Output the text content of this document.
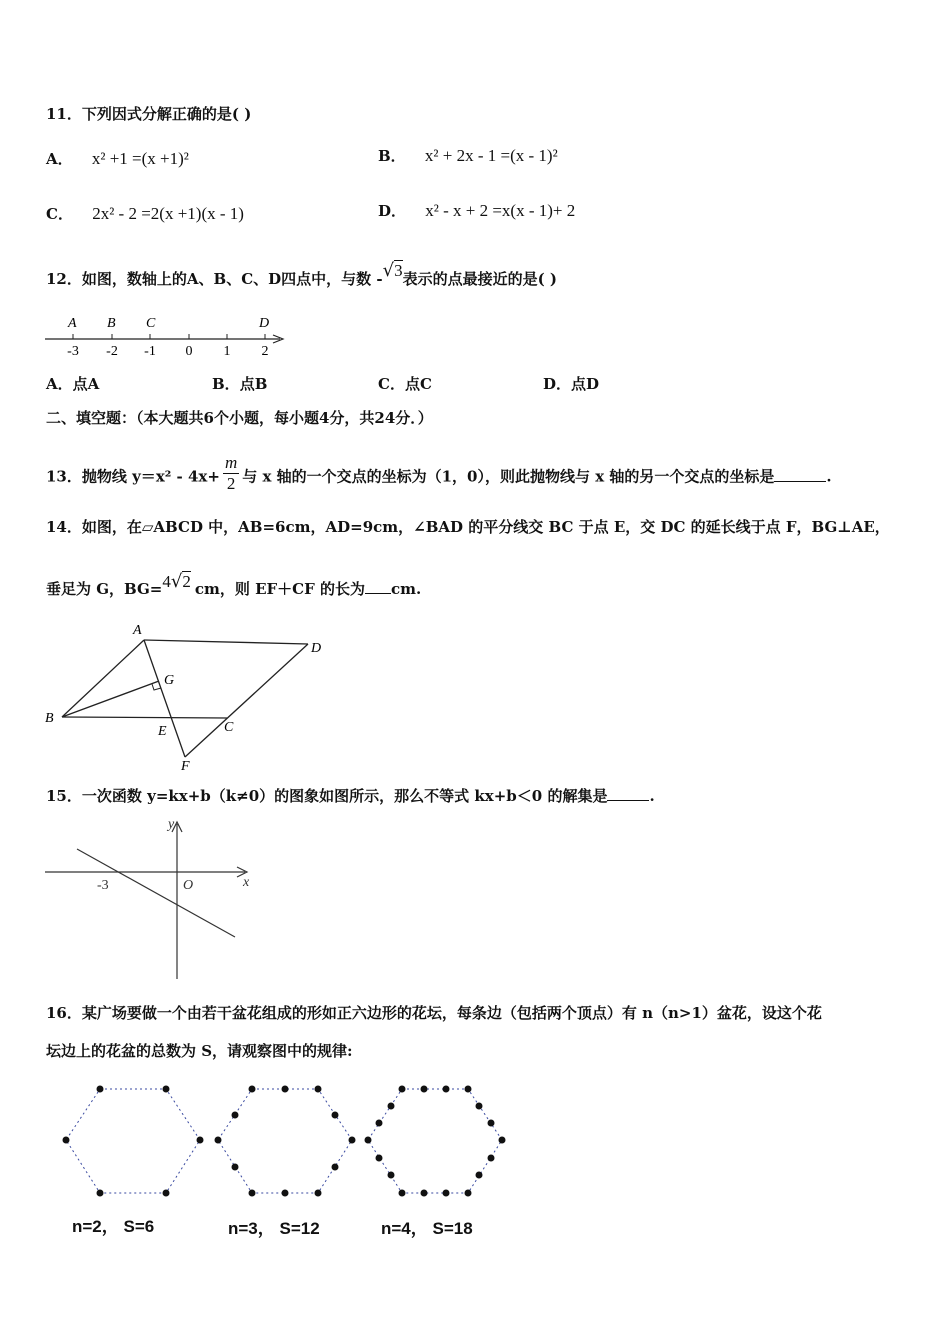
11．下列因式分解正确的是( )
A． x² +1 =(x +1)²	B． x² + 2x - 1 =(x - 1)²
C． 2x² - 2 =2(x +1)(x - 1)	D． x² - x + 2 =x(x - 1)+ 2
12．如图，数轴上的A、B、C、D四点中，与数 -√3表示的点最接近的是( )
A B C	D
-3 -2 -1 0 1 2
A．点A	B．点B	C．点C	D．点D
二、填空题：（本大题共6个小题，每小题4分，共24分．）
13．抛物线 $y=x^2 - 4x+ \frac{m}{2}$ 与 x 轴的一个交点的坐标为（1，0），则此抛物线与 x 轴的另一个交点的坐标是	.
14．如图，在▱ABCD 中，AB=6cm，AD=9cm，∠BAD 的平分线交 BC 于点 E，交 DC 的延长线于点 F，BG⊥AE，
垂足为 G，BG=4√2 cm，则 EF＋CF 的长为 cm.
A
D
G
B
C
E
F
15．一次函数 y=kx+b（k≠0）的图象如图所示，那么不等式 kx+b＜0 的解集是	.
y
x
O
-3
16．某广场要做一个由若干盆花组成的形如正六边形的花坛，每条边（包括两个顶点）有 n（n>1）盆花，设这个花
坛边上的花盆的总数为 S，请观察图中的规律:
n=2， S=6	n=3， S=12	n=4， S=18
